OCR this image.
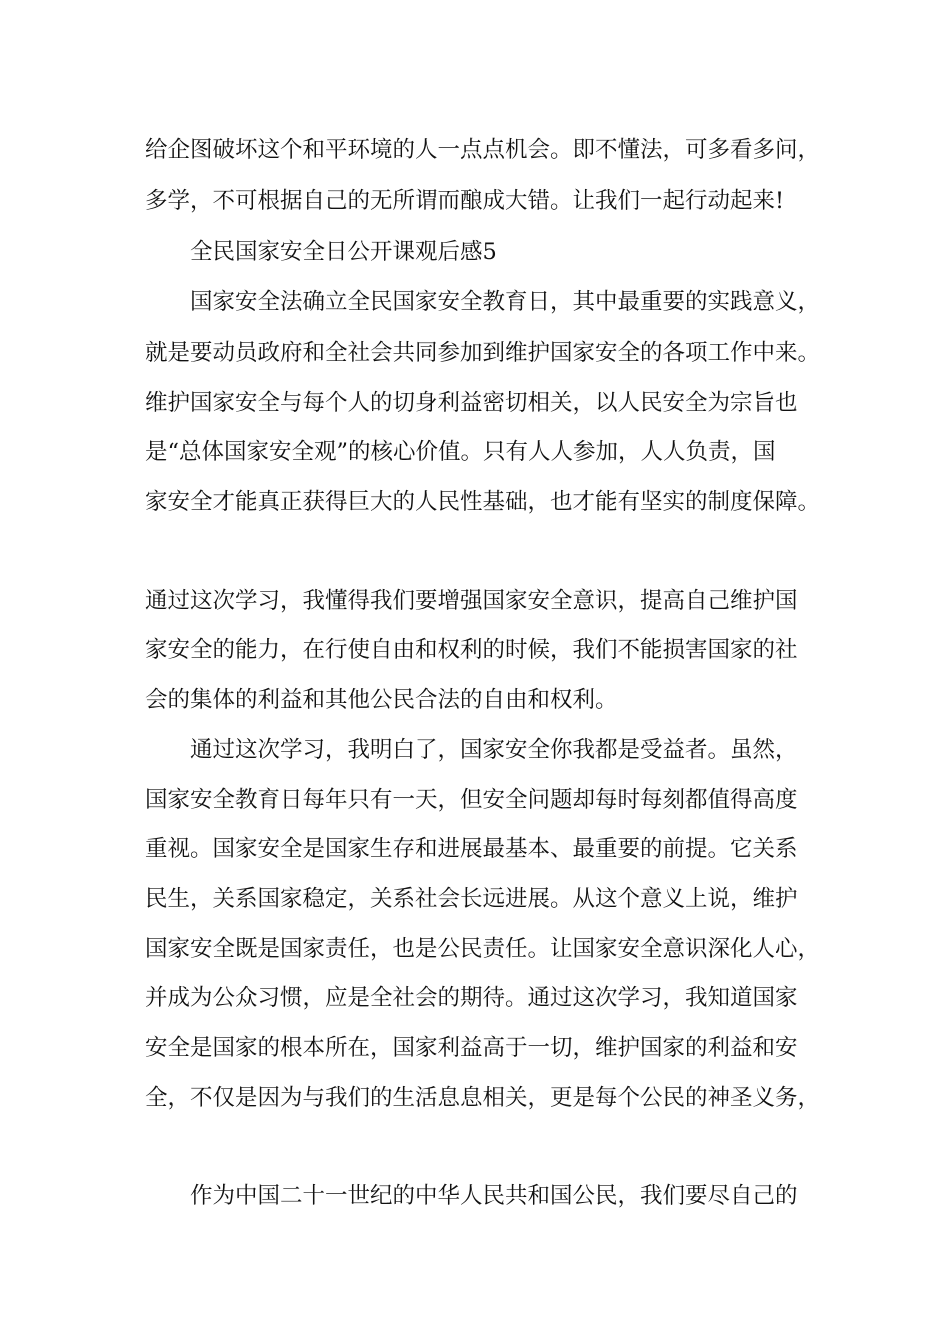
给企图破坏这个和平环境的人一点点机会。即不懂法，可多看多问，
多学，不可根据自己的无所谓而酿成大错。让我们一起行动起来!
全民国家安全日公开课观后感5
国家安全法确立全民国家安全教育日，其中最重要的实践意义，
就是要动员政府和全社会共同参加到维护国家安全的各项工作中来。
维护国家安全与每个人的切身利益密切相关，以人民安全为宗旨也
是“总体国家安全观”的核心价值。只有人人参加，人人负责，国
家安全才能真正获得巨大的人民性基础，也才能有坚实的制度保障。
通过这次学习，我懂得我们要增强国家安全意识，提高自己维护国
家安全的能力，在行使自由和权利的时候，我们不能损害国家的社
会的集体的利益和其他公民合法的自由和权利。
通过这次学习，我明白了，国家安全你我都是受益者。虽然，
国家安全教育日每年只有一天，但安全问题却每时每刻都值得高度
重视。国家安全是国家生存和进展最基本、最重要的前提。它关系
民生，关系国家稳定，关系社会长远进展。从这个意义上说，维护
国家安全既是国家责任，也是公民责任。让国家安全意识深化人心，
并成为公众习惯，应是全社会的期待。通过这次学习，我知道国家
安全是国家的根本所在，国家利益高于一切，维护国家的利益和安
全，不仅是因为与我们的生活息息相关，更是每个公民的神圣义务，
作为中国二十一世纪的中华人民共和国公民，我们要尽自己的
